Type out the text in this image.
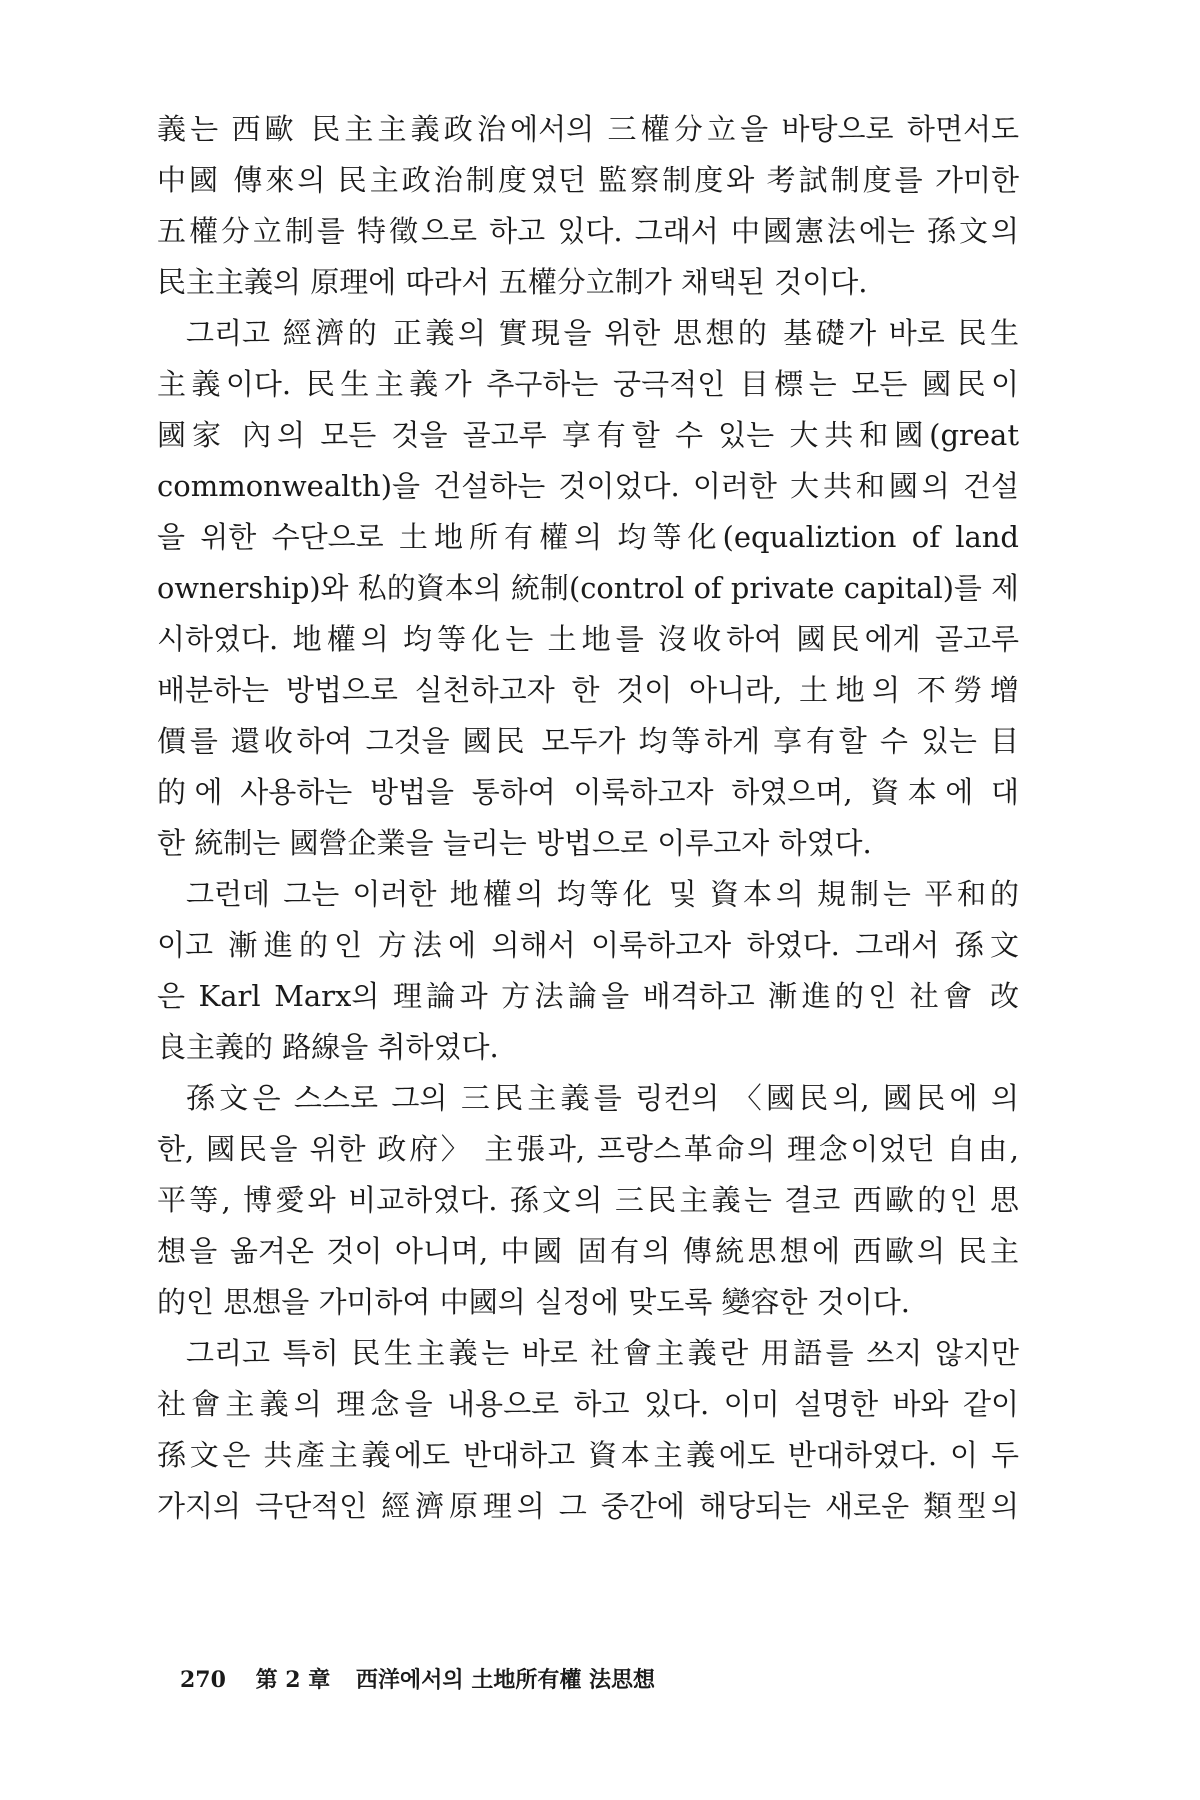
義는 西歐 民主主義政治에서의 三權分立을 바탕으로 하면서도
中國 傳來의 民主政治制度였던 監察制度와 考試制度를 가미한
五權分立制를 特徵으로 하고 있다. 그래서 中國憲法에는 孫文의
民主主義의 原理에 따라서 五權分立制가 채택된 것이다.
그리고 經濟的 正義의 實現을 위한 思想的 基礎가 바로 民生
主義이다. 民生主義가 추구하는 궁극적인 目標는 모든 國民이
國家 內의 모든 것을 골고루 享有할 수 있는 大共和國(great
commonwealth)을 건설하는 것이었다. 이러한 大共和國의 건설
을 위한 수단으로 土地所有權의 均等化(equaliztion of land
ownership)와 私的資本의 統制(control of private capital)를 제
시하였다. 地權의 均等化는 土地를 沒收하여 國民에게 골고루
배분하는 방법으로 실천하고자 한 것이 아니라, 土地의 不勞增
價를 還收하여 그것을 國民 모두가 均等하게 享有할 수 있는 目
的에 사용하는 방법을 통하여 이룩하고자 하였으며, 資本에 대
한 統制는 國營企業을 늘리는 방법으로 이루고자 하였다.
그런데 그는 이러한 地權의 均等化 및 資本의 規制는 平和的
이고 漸進的인 方法에 의해서 이룩하고자 하였다. 그래서 孫文
은 Karl Marx의 理論과 方法論을 배격하고 漸進的인 社會 改
良主義的 路線을 취하였다.
孫文은 스스로 그의 三民主義를 링컨의 〈國民의, 國民에 의
한, 國民을 위한 政府〉 主張과, 프랑스革命의 理念이었던 自由,
平等, 博愛와 비교하였다. 孫文의 三民主義는 결코 西歐的인 思
想을 옮겨온 것이 아니며, 中國 固有의 傳統思想에 西歐의 民主
的인 思想을 가미하여 中國의 실정에 맞도록 變容한 것이다.
그리고 특히 民生主義는 바로 社會主義란 用語를 쓰지 않지만
社會主義의 理念을 내용으로 하고 있다. 이미 설명한 바와 같이
孫文은 共產主義에도 반대하고 資本主義에도 반대하였다. 이 두
가지의 극단적인 經濟原理의 그 중간에 해당되는 새로운 類型의
270 第 2 章 西洋에서의 土地所有權 法思想
